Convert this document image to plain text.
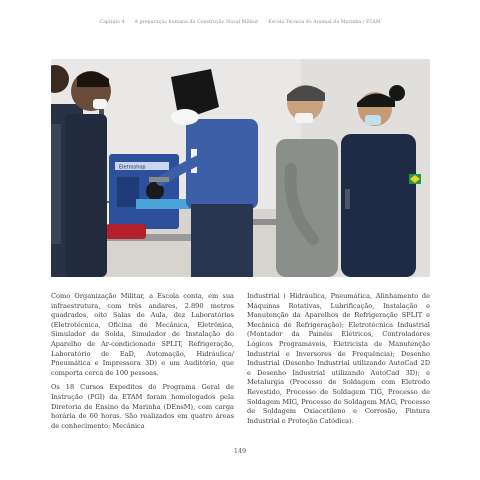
Capítulo 4 A preparação humana da Construção Naval Militar Escola Técnica do Arsenal da Marinha / ETAM
Eletroshop

Como Organização Militar, a Escola conta, em sua infraestrutura, com três andares, 2.890 metros quadrados, oito Salas de Aula, dez Laboratórios (Eletrotécnica, Oficina de Mecânica, Eletrônica, Simulador de Solda, Simulador de Instalação do Aparelho de Ar-condicionado SPLIT, Refrigeração, Laboratório de EaD, Automação, Hidráulica/ Pneumática e Impressora 3D) e um Auditório, que comporta cerca de 100 pessoas.

Os 18 Cursos Expeditos do Programa Geral de Instrução (PGI) da ETAM foram homologados pela Diretoria de Ensino da Marinha (DEnsM), com carga horária de 60 horas. São realizados em quatro áreas de conhecimento: Mecânica

Industrial ( Hidráulica, Pneumática, Alinhamento de Máquinas Rotativas, Lubrificação, Instalação e Manutenção da Aparelhos de Refrigeração SPLIT e Mecânica de Refrigeração); Eletrotécnica Industrial (Montador da Painéis Elétricos, Controladores Lógicos Programáveis, Eletricista de Manutenção Industrial e Inversores de Frequência); Desenho Industrial (Desenho Industrial utilizando AutoCad 2D e Desenho Industrial utilizando AutoCad 3D); e Metalurgia (Processo de Soldagem com Eletrodo Revestido, Processo de Soldagem TIG, Processo de Soldagem MIG, Processo de Soldagem MAG, Processo de Soldagem Oxiacetileno e Corrosão, Pintura Industrial e Proteção Catódica).

149
